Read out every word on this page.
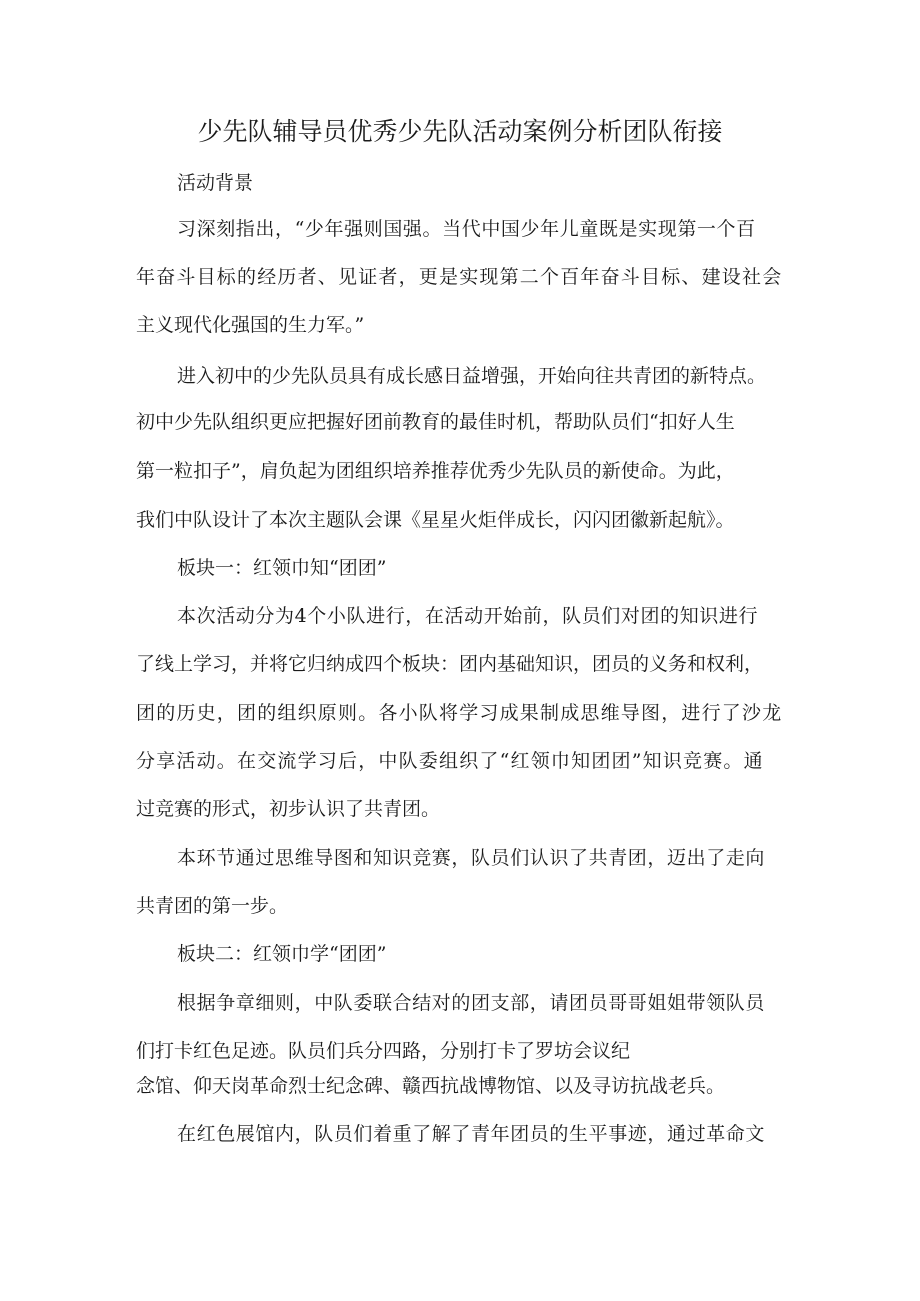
少先队辅导员优秀少先队活动案例分析团队衔接

活动背景

习深刻指出，“少年强则国强。当代中国少年儿童既是实现第一个百

年奋斗目标的经历者、见证者，更是实现第二个百年奋斗目标、建设社会

主义现代化强国的生力军。”

进入初中的少先队员具有成长感日益增强，开始向往共青团的新特点。

初中少先队组织更应把握好团前教育的最佳时机，帮助队员们“扣好人生

第一粒扣子”，肩负起为团组织培养推荐优秀少先队员的新使命。为此，

我们中队设计了本次主题队会课《星星火炬伴成长，闪闪团徽新起航》。

板块一：红领巾知“团团”

本次活动分为4个小队进行，在活动开始前，队员们对团的知识进行

了线上学习，并将它归纳成四个板块：团内基础知识，团员的义务和权利，

团的历史，团的组织原则。各小队将学习成果制成思维导图，进行了沙龙

分享活动。在交流学习后，中队委组织了“红领巾知团团”知识竞赛。通

过竞赛的形式，初步认识了共青团。

本环节通过思维导图和知识竞赛，队员们认识了共青团，迈出了走向

共青团的第一步。

板块二：红领巾学“团团”

根据争章细则，中队委联合结对的团支部，请团员哥哥姐姐带领队员

们打卡红色足迹。队员们兵分四路，分别打卡了罗坊会议纪

念馆、仰天岗革命烈士纪念碑、赣西抗战博物馆、以及寻访抗战老兵。

在红色展馆内，队员们着重了解了青年团员的生平事迹，通过革命文
